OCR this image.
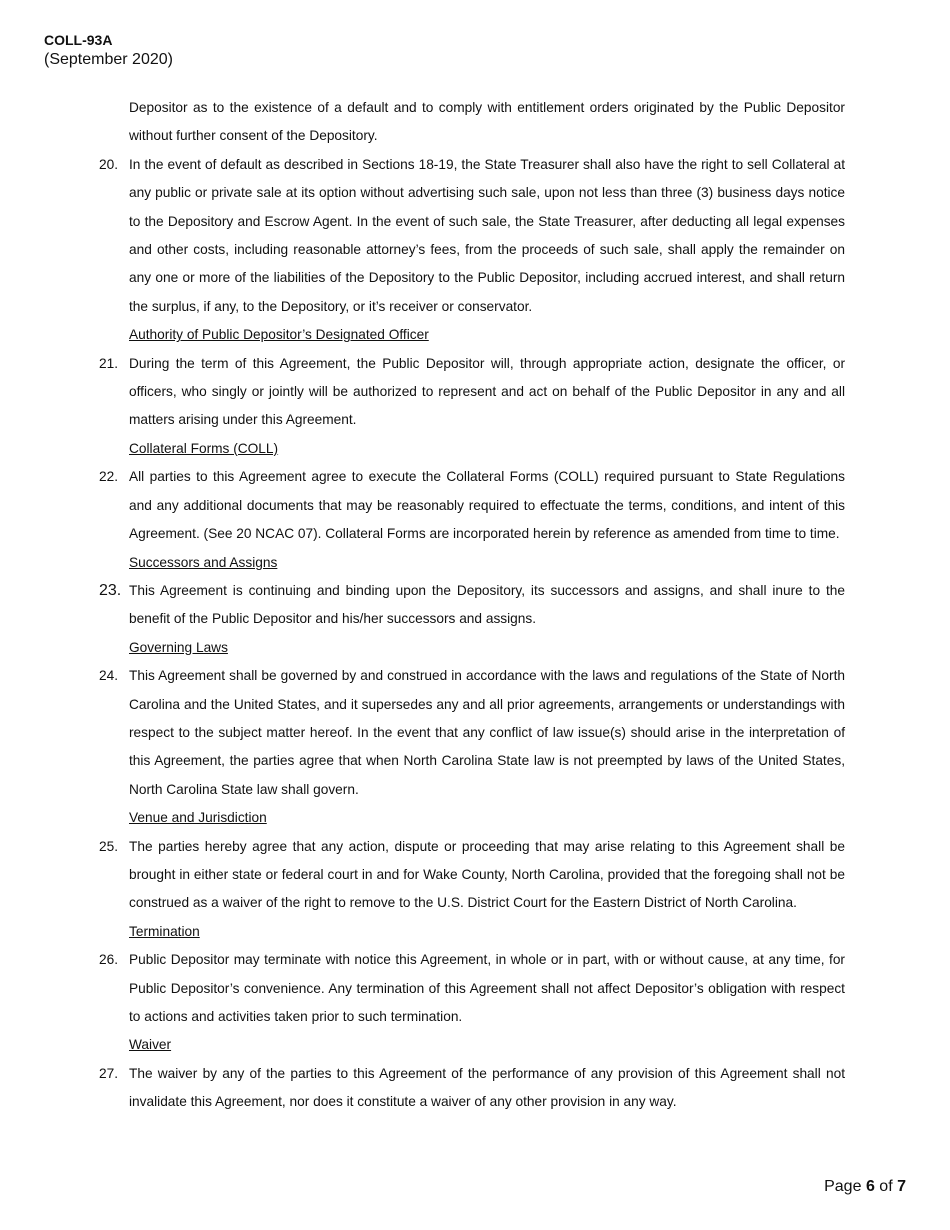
COLL-93A
(September 2020)

Depositor as to the existence of a default and to comply with entitlement orders originated by the Public Depositor without further consent of the Depository.

20. In the event of default as described in Sections 18-19, the State Treasurer shall also have the right to sell Collateral at any public or private sale at its option without advertising such sale, upon not less than three (3) business days notice to the Depository and Escrow Agent. In the event of such sale, the State Treasurer, after deducting all legal expenses and other costs, including reasonable attorney’s fees, from the proceeds of such sale, shall apply the remainder on any one or more of the liabilities of the Depository to the Public Depositor, including accrued interest, and shall return the surplus, if any, to the Depository, or it’s receiver or conservator.

Authority of Public Depositor’s Designated Officer

21. During the term of this Agreement, the Public Depositor will, through appropriate action, designate the officer, or officers, who singly or jointly will be authorized to represent and act on behalf of the Public Depositor in any and all matters arising under this Agreement.

Collateral Forms (COLL)

22. All parties to this Agreement agree to execute the Collateral Forms (COLL) required pursuant to State Regulations and any additional documents that may be reasonably required to effectuate the terms, conditions, and intent of this Agreement. (See 20 NCAC 07). Collateral Forms are incorporated herein by reference as amended from time to time.

Successors and Assigns

23. This Agreement is continuing and binding upon the Depository, its successors and assigns, and shall inure to the benefit of the Public Depositor and his/her successors and assigns.

Governing Laws

24. This Agreement shall be governed by and construed in accordance with the laws and regulations of the State of North Carolina and the United States, and it supersedes any and all prior agreements, arrangements or understandings with respect to the subject matter hereof. In the event that any conflict of law issue(s) should arise in the interpretation of this Agreement, the parties agree that when North Carolina State law is not preempted by laws of the United States, North Carolina State law shall govern.

Venue and Jurisdiction

25. The parties hereby agree that any action, dispute or proceeding that may arise relating to this Agreement shall be brought in either state or federal court in and for Wake County, North Carolina, provided that the foregoing shall not be construed as a waiver of the right to remove to the U.S. District Court for the Eastern District of North Carolina.

Termination

26. Public Depositor may terminate with notice this Agreement, in whole or in part, with or without cause, at any time, for Public Depositor’s convenience. Any termination of this Agreement shall not affect Depositor’s obligation with respect to actions and activities taken prior to such termination.

Waiver

27. The waiver by any of the parties to this Agreement of the performance of any provision of this Agreement shall not invalidate this Agreement, nor does it constitute a waiver of any other provision in any way.
Page 6 of 7
